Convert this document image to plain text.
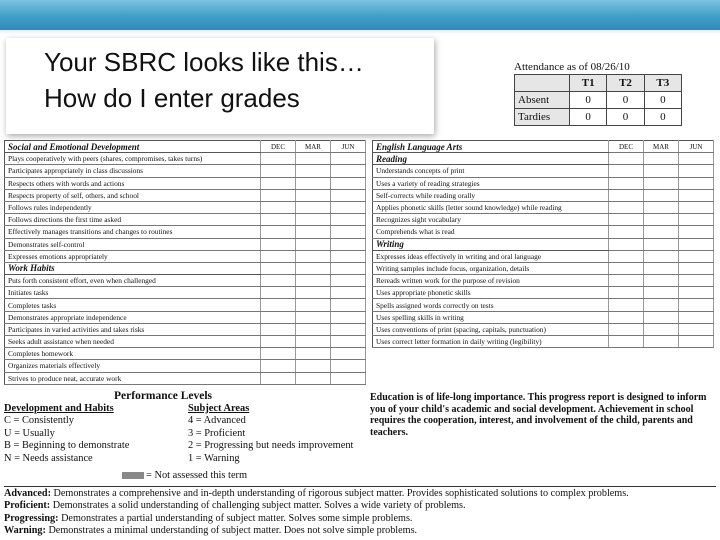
Your SBRC looks like this…
How do I enter grades
Attendance as of 08/26/10
	T1	T2	T3
Absent	0	0	0
Tardies	0	0	0
Social and Emotional Development	DEC	MAR	JUN
Plays cooperatively with peers (shares, compromises, takes turns)			
Participates appropriately in class discussions			
Respects others with words and actions			
Respects property of self, others, and school			
Follows rules independently			
Follows directions the first time asked			
Effectively manages transitions and changes to routines			
Demonstrates self-control			
Expresses emotions appropriately			
Work Habits			
Puts forth consistent effort, even when challenged			
Initiates tasks			
Completes tasks			
Demonstrates appropriate independence			
Participates in varied activities and takes risks			
Seeks adult assistance when needed			
Completes homework			
Organizes materials effectively			
Strives to produce neat, accurate work			
English Language Arts	DEC	MAR	JUN
Reading			
Understands concepts of print			
Uses a variety of reading strategies			
Self-corrects while reading orally			
Applies phonetic skills (letter sound knowledge) while reading			
Recognizes sight vocabulary			
Comprehends what is read			
Writing			
Expresses ideas effectively in writing and oral language			
Writing samples include focus, organization, details			
Rereads written work for the purpose of revision			
Uses appropriate phonetic skills			
Spells assigned words correctly on tests			
Uses spelling skills in writing			
Uses conventions of print (spacing, capitals, punctuation)			
Uses correct letter formation in daily writing (legibility)			
Performance Levels
Development and Habits
C = Consistently
U = Usually
B = Beginning to demonstrate
N = Needs assistance
Subject Areas
4 = Advanced
3 = Proficient
2 = Progressing but needs improvement
1 = Warning
= Not assessed this term
Education is of life-long importance. This progress report is designed to inform you of your child's academic and social development. Achievement in school requires the cooperation, interest, and involvement of the child, parents and teachers.
Advanced: Demonstrates a comprehensive and in-depth understanding of rigorous subject matter. Provides sophisticated solutions to complex problems.
Proficient: Demonstrates a solid understanding of challenging subject matter. Solves a wide variety of problems.
Progressing: Demonstrates a partial understanding of subject matter. Solves some simple problems.
Warning: Demonstrates a minimal understanding of subject matter. Does not solve simple problems.
